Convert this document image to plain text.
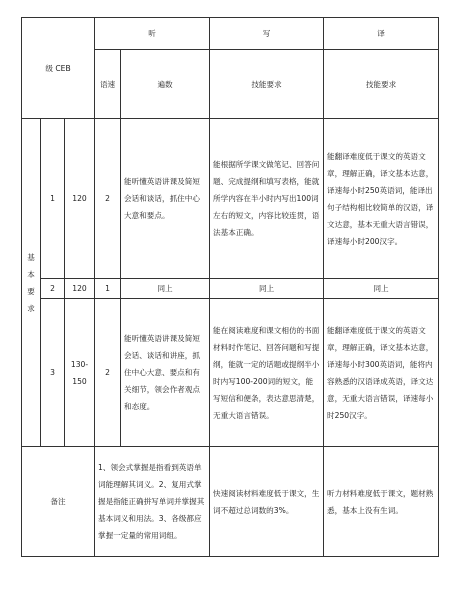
级 CEB			听		写	译	
			语速	遍数	技能要求	技能要求	

基
本
要
求	1	120	2	能听懂英语讲课及简短会话和谈话，抓住中心大意和要点。	能根据所学课文做笔记、回答问题、完成提纲和填写表格，能就所学内容在半小时内写出100词左右的短文，内容比较连贯，语法基本正确。	能翻译难度低于课文的英语文章，理解正确，译文基本达意，译速每小时250英语词，能译出句子结构相比较简单的汉语，译文达意，基本无重大语言错误，译速每小时200汉字。	
	2	120	1	同上	同上	同上	
	3	130-150	2	能听懂英语讲课及简短会话、谈话和讲座，抓住中心大意、要点和有关细节，领会作者观点和态度。	能在阅读难度和课文相仿的书面材料时作笔记、回答问题和写提纲，能就一定的话题或提纲半小时内写100-200词的短文，能写短信和便条，表达意思清楚，无重大语言错误。	能翻译难度低于课文的英语文章，理解正确，译文基本达意，译速每小时300英语词，能将内容熟悉的汉语译成英语，译文达意，无重大语言错误，译速每小时250汉字。	
备注			1、领会式掌握是指看到英语单词能理解其词义。2、复用式掌握是指能正确拼写单词并掌握其基本词义和用法。3、各级都应掌握一定量的常用词组。		快速阅读材料难度低于课文，生词不超过总词数的3%。	听力材料难度低于课文，题材熟悉，基本上没有生词。	
